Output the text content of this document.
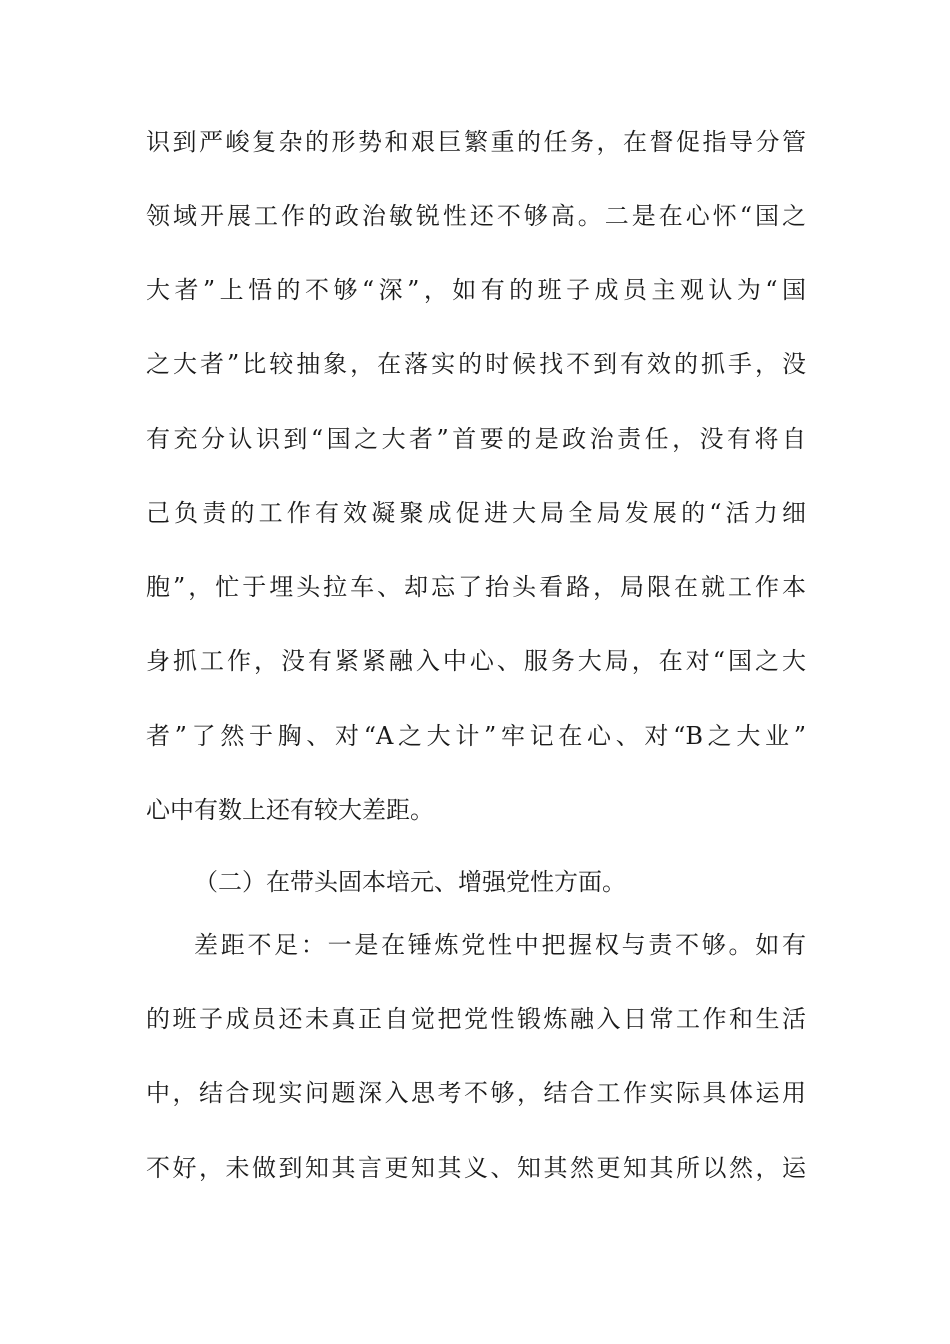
识到严峻复杂的形势和艰巨繁重的任务，在督促指导分管
领域开展工作的政治敏锐性还不够高。二是在心怀“国之
大者”上悟的不够“深”，如有的班子成员主观认为“国
之大者”比较抽象，在落实的时候找不到有效的抓手，没
有充分认识到“国之大者”首要的是政治责任，没有将自
己负责的工作有效凝聚成促进大局全局发展的“活力细
胞”，忙于埋头拉车、却忘了抬头看路，局限在就工作本
身抓工作，没有紧紧融入中心、服务大局，在对“国之大
者”了然于胸、对“A之大计”牢记在心、对“B之大业”
心中有数上还有较大差距。
（二）在带头固本培元、增强党性方面。
差距不足：一是在锤炼党性中把握权与责不够。如有
的班子成员还未真正自觉把党性锻炼融入日常工作和生活
中，结合现实问题深入思考不够，结合工作实际具体运用
不好，未做到知其言更知其义、知其然更知其所以然，运
